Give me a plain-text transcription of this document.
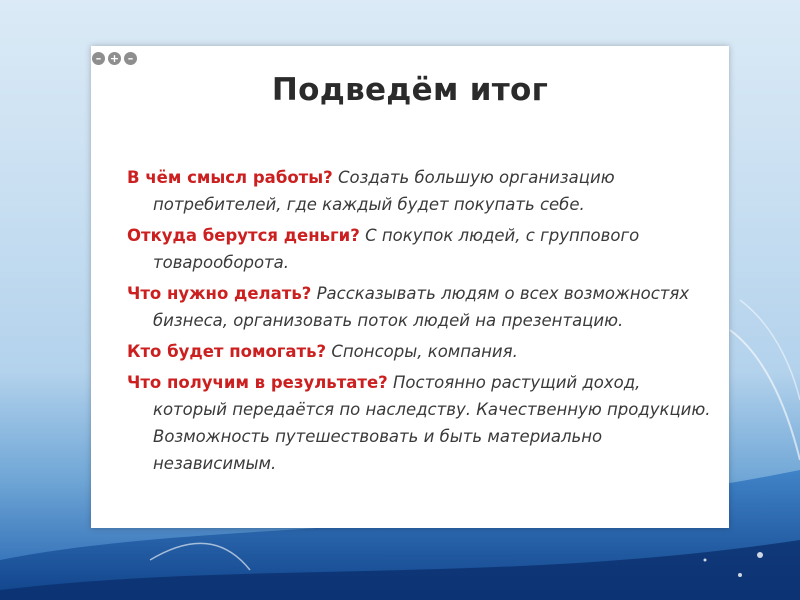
– + –
Подведём итог

В чём смысл работы? Создать большую организацию потребителей, где каждый будет покупать себе.

Откуда берутся деньги? С покупок людей, с группового товарооборота.

Что нужно делать? Рассказывать людям о всех возможностях бизнеса, организовать поток людей на презентацию.

Кто будет помогать? Спонсоры, компания.

Что получим в результате? Постоянно растущий доход, который передаётся по наследству. Качественную продукцию. Возможность путешествовать и быть материально независимым.
